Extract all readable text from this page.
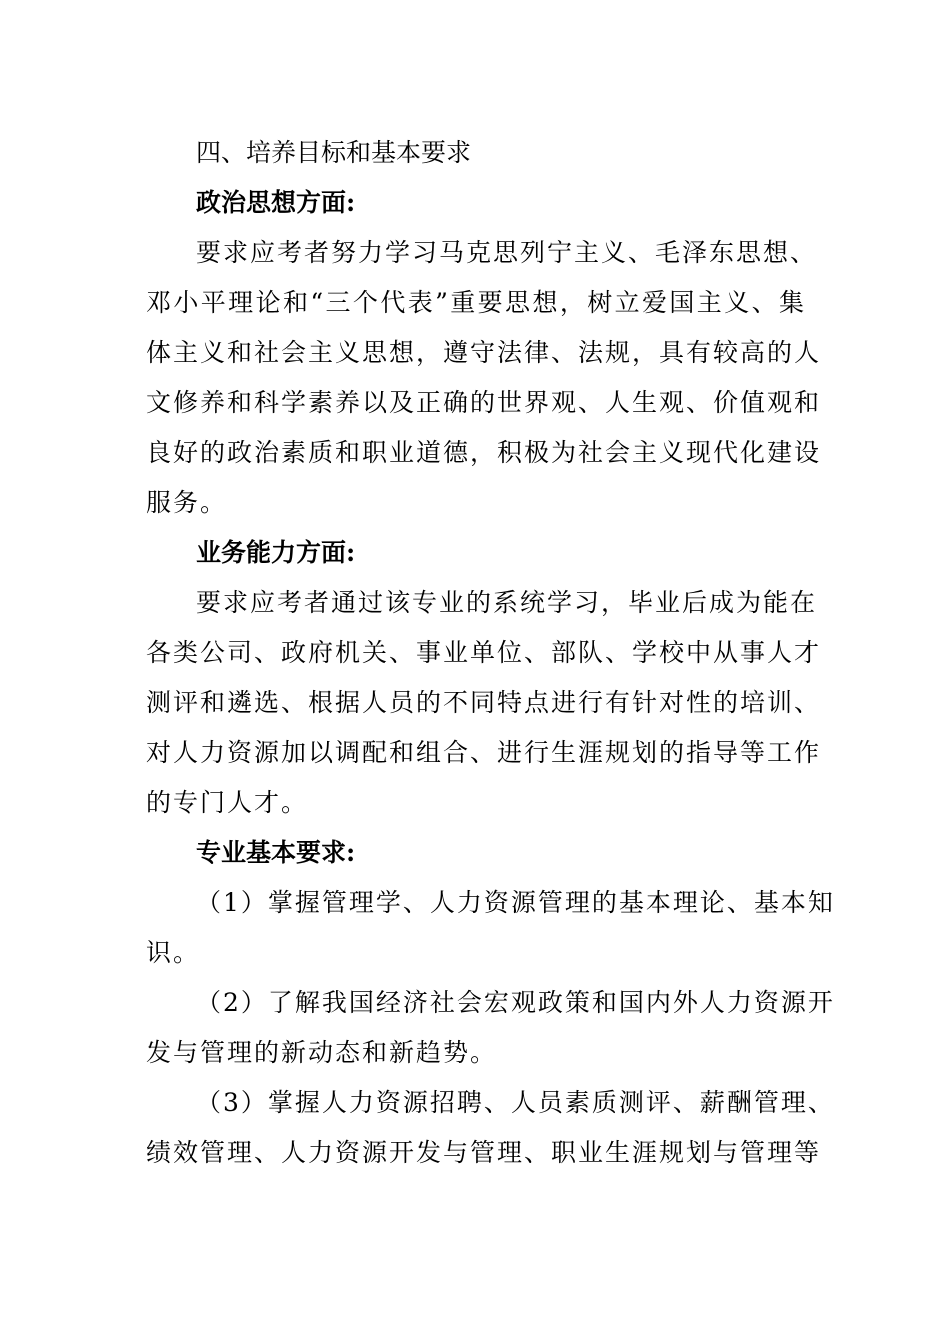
四、培养目标和基本要求
政治思想方面:
要求应考者努力学习马克思列宁主义、毛泽东思想、
邓小平理论和“三个代表”重要思想，树立爱国主义、集
体主义和社会主义思想，遵守法律、法规，具有较高的人
文修养和科学素养以及正确的世界观、人生观、价值观和
良好的政治素质和职业道德，积极为社会主义现代化建设
服务。
业务能力方面:
要求应考者通过该专业的系统学习，毕业后成为能在
各类公司、政府机关、事业单位、部队、学校中从事人才
测评和遴选、根据人员的不同特点进行有针对性的培训、
对人力资源加以调配和组合、进行生涯规划的指导等工作
的专门人才。
专业基本要求:
（1）掌握管理学、人力资源管理的基本理论、基本知
识。
（2）了解我国经济社会宏观政策和国内外人力资源开
发与管理的新动态和新趋势。
（3）掌握人力资源招聘、人员素质测评、薪酬管理、
绩效管理、人力资源开发与管理、职业生涯规划与管理等
